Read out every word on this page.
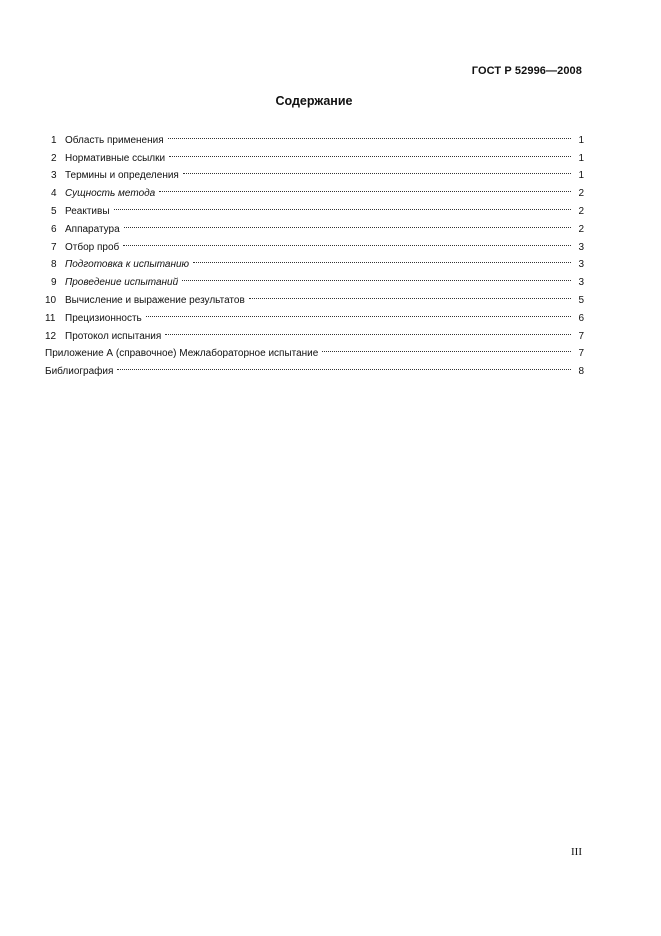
ГОСТ Р 52996—2008
Содержание
1 Область применения	1
2 Нормативные ссылки	1
3 Термины и определения	1
4 Сущность метода	2
5 Реактивы	2
6 Аппаратура	2
7 Отбор проб	3
8 Подготовка к испытанию	3
9 Проведение испытаний	3
10 Вычисление и выражение результатов	5
11 Прецизионность	6
12 Протокол испытания	7
Приложение А (справочное) Межлабораторное испытание	7
Библиография	8
III
